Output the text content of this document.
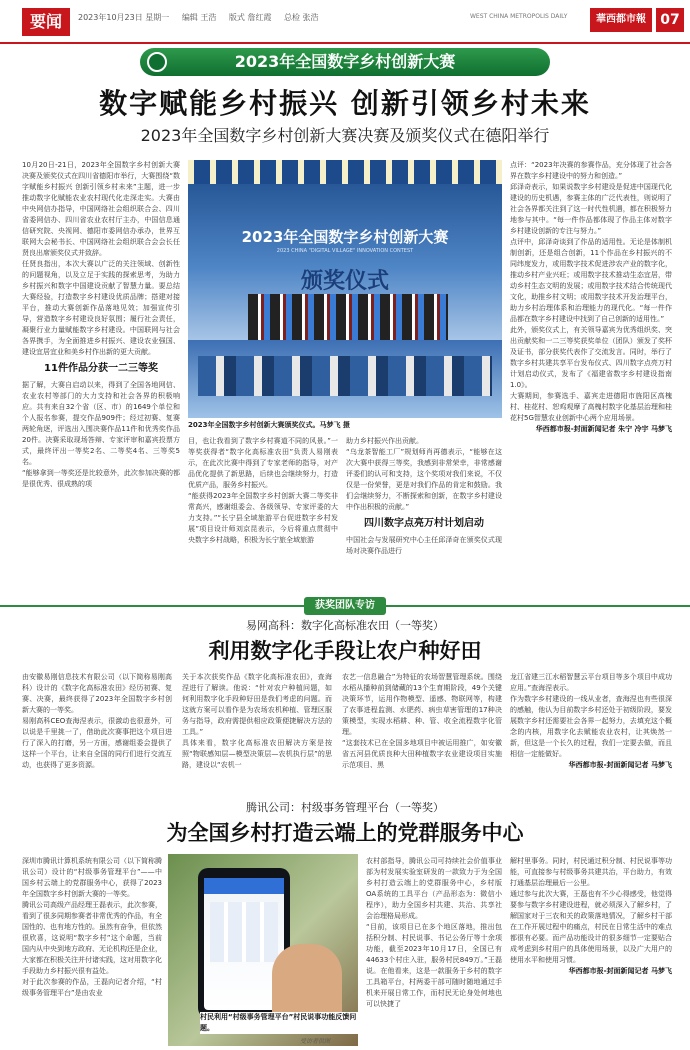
要闻	2023年10月23日 星期一 编辑 王浩 版式 詹红霞 总检 张浩	WEST CHINA METROPOLIS DAILY	華西都市報	07
2023年全国数字乡村创新大赛
数字赋能乡村振兴 创新引领乡村未来
2023年全国数字乡村创新大赛决赛及颁奖仪式在德阳举行

10月20日-21日，2023年全国数字乡村创新大赛决赛及颁奖仪式在四川省德阳市举行，大赛围绕“数字赋能乡村振兴 创新引领乡村未来”主题，进一步推动数字化赋能农业农村现代化走深走实。大赛由中央网信办指导，中国网络社会组织联合会、四川省委网信办、四川省农业农村厅主办，中国信息通信研究院、央视网、德阳市委网信办承办，世界互联网大会秘书长、中国网络社会组织联合会会长任贤良出席颁奖仪式并致辞。

任贤良指出，本次大赛以广泛的关注领域、创新性的问题视角，以及立足于实践的探索思考，为助力乡村振兴和数字中国建设贡献了智慧力量。要总结大赛经验，打造数字乡村建设优质品牌；搭建对接平台，推动大赛创新作品落地见效；加强宣传引导，营造数字乡村建设良好氛围；履行社会责任，凝聚行业力量赋能数字乡村建设。中国联网与社会各界携手，为全面推进乡村振兴、建设农业强国、建设宜居宜业和美乡村作出新的更大贡献。

11件作品分获一二三等奖

据了解，大赛自启动以来，得到了全国各地网信、农业农村等部门的大力支持和社会各界的积极响应。共有来自32个省（区、市）的1649个单位和个人报名参赛，提交作品909件；经过初赛、复赛两轮角逐，评选出入围决赛作品11件和优秀奖作品20件。决赛采取现场答辩、专家评审和嘉宾投票方式，最终评出一等奖2名、二等奖4名、三等奖5名。

“能够拿到一等奖还是比较意外，此次参加决赛的都是很优秀、很成熟的项

2023年全国数字乡村创新大赛
2023 CHINA "DIGITAL VILLAGE" INNOVATION CONTEST
颁奖仪式
2023年全国数字乡村创新大赛颁奖仪式。马梦飞 摄

目，也让我看到了数字乡村赛道不同的风景。”一等奖获得者“数字化高标准农田”负责人易刚表示，在此次比赛中得到了专家老师的指导，对产品优化提供了新思路，后续也会继续努力，打造优质产品，服务乡村振兴。

“能获得2023年全国数字乡村创新大赛二等奖非常高兴，感谢组委会、各级领导、专家评委的大力支持。”“长宁县全域旅游平台促进数字乡村发展”项目设计师刘京昆表示，今后将重点贯彻中央数字乡村战略，积极为长宁旅全域旅游

助力乡村振兴作出贡献。

“乌龙茶智能工厂”规划师肖再德表示，“能够在这次大赛中获得三等奖，我感到非常荣幸，非常感谢评委们的认可和支持，这个奖项对我们来说，不仅仅是一份荣誉，更是对我们作品的肯定和鼓励。我们会继续努力，不断探索和创新，在数字乡村建设中作出积极的贡献。”

四川数字点亮万村计划启动

中国社会与发展研究中心主任邱泽奇在颁奖仪式现场对决赛作品进行

点评：“2023年决赛的参赛作品，充分体现了社会各界在数字乡村建设中的努力和创造。”

邱泽奇表示，如果说数字乡村建设是促进中国现代化建设的历史机遇，参赛主体的广泛代表性，则说明了社会各界都关注到了这一时代性机遇，都在积极努力地参与其中。“每一件作品都体现了作品主体对数字乡村建设创新的专注与努力。”

点评中，邱泽奇谈到了作品的适用性。无论是体制机制创新，还是组合创新，11个作品在乡村振兴的不同纬度发力，或用数字技术促进涉农产业的数字化，推动乡村产业兴旺；或用数字技术推动生态宜居，带动乡村生态文明的发展；或用数字技术结合传统现代文化，助推乡村文明；或用数字技术开发治理平台，助力乡村治理体系和治理能力的现代化。“每一件作品都在数字乡村建设中找到了自己创新的适用性。”

此外，颁奖仪式上，有关领导嘉宾为优秀组织奖、突出贡献奖和一二三等奖获奖单位（团队）颁发了奖杯及证书，部分获奖代表作了交流发言。同时，举行了数字乡村共建共享平台发布仪式、四川数字点亮万村计划启动仪式，发布了《福建省数字乡村建设指南1.0》。

大赛期间，参赛选手、嘉宾走进德阳市旌阳区高槐村、桂花村、恕鸡观摩了高槐村数字化基层治理和桂花村5G智慧农业创新中心两个应用场景。

华西都市报-封面新闻记者 朱宁 冷宇 马梦飞

获奖团队专访
易网高科：数字化高标准农田（一等奖）
利用数字化手段让农户种好田

由安徽易刚信息技术有限公司（以下简称易刚高科）设计的《数字化高标准农田》经历初赛、复赛、决赛，最终获得了2023年全国数字乡村创新大赛的一等奖。

易刚高科CEO查海涅表示，很激动也很意外，可以说是千里挑一了，借助此次赛事把这个项目进行了深入的打磨，另一方面，感谢组委会提供了这样一个平台，让来自全国的同行们进行交流互动，也获得了更多资源。

关于本次获奖作品《数字化高标准农田》，查海涅进行了解读。他说：“针对农户种植问题，如何利用数字化手段种好田是我们考虑的问题。而这就方案可以看作是为农场农机种植、管理区服务与指导，政府需提供相应政策便捷解决方法的工具。”

具体来看，数字化高标准农田解决方案是按照“物联感知层—模型决策层—农机执行层”的思路，建设以“农机一

农艺一信息融合”为特征的农场智慧管理系统。围绕水稻从播种前到储藏的13个生育期阶段，49个关键决策环节，运用作物模型、遥感、物联网等，构建了农事进程监测、水肥药、病虫草害管理的17种决策模型，实现水稻耕、种、管、收全流程数字化管理。

“这套技术已在全国多地项目中被运用推广，如安徽省五河县优质良种大田种植数字农业建设项目实施示范项目、黑

龙江省建三江水稻智慧云平台项目等多个项目中成功应用。”查海涅表示。

作为数字乡村建设的一线从业者，查海涅也有些很深的感触，他认为目前数字乡村还处于初级阶段，要发展数字乡村还需要社会各界一起努力，去填充这个概念的内核，用数字化去赋能农业农村，让其焕然一新，但这是一个长久的过程，我们一定要去做，而且相信一定能做好。

华西都市报-封面新闻记者 马梦飞

腾讯公司：村级事务管理平台（一等奖）
为全国乡村打造云端上的党群服务中心

深圳市腾讯计算机系统有限公司（以下简称腾讯公司）设计的“村级事务管理平台”——中国乡村云端上的党群服务中心，获得了2023年全国数字乡村创新大赛的一等奖。

腾讯公司高级产品经理王磊表示，此次参赛，看到了很多同期参赛者非常优秀的作品，有全国性的、也有地方性的。虽然有奋争，但依然很欣喜，这说明“数字乡村”这个命题，当前国内从中央到地方政府、无论机构还是企业，大家都在积极关注并付诸实践，这对用数字化手段助力乡村振兴很有益处。

对于此次参赛的作品，王磊向记者介绍，“村级事务管理平台”是由农业

村民利用“村级事务管理平台”村民说事功能反馈问题。
受访者供图

农村部指导，腾讯公司可持续社会价值事业部为村发展实验室研发的一款致力于为全国乡村打造云端上的党群服务中心，乡村版OA系统的工具平台（产品形态为：微信小程序），助力全国乡村共建、共治、共享社会治理格局形成。

“目前，该项目已在多个地区落地，推出包括积分制、村民说事、书记公务厅等十余项功能，截至2023年10月17日，全国已有44633个村庄入驻，服务村民849万。”王磊说。在他看来，这是一款服务于乡村的数字工具箱平台，村两委干部可随时随地通过手机来开展日常工作，而村民无论身处何地也可以快捷了

解村里事务。同时，村民通过积分制、村民说事等功能，可直接参与村级事务共建共治，平台助力，有效打通基层治理最后一公里。

通过参与此次大赛，王磊也有不少心得感受，他觉得要参与数字乡村建设进程，就必须深入了解乡村，了解国家对于三农和关的政策落地情况，了解乡村干部在工作开展过程中的痛点，村民在日常生活中的难点都很有必要。而产品功能设计的很多细节一定要贴合成考虑到乡村用户的具体使用场景，以及广大用户的使用水平和使用习惯。

华西都市报-封面新闻记者 马梦飞
